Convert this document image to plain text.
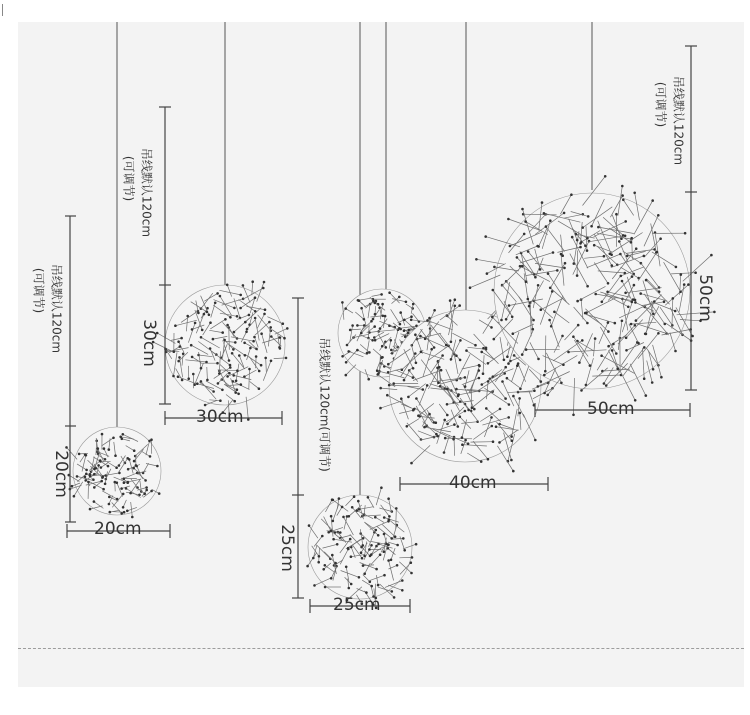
吊线默认120cm
(可调节)
20cm
20cm
吊线默认120cm
(可调节)
30cm
30cm	吊线默认120cm(可调节)
25cm
25cm
40cm
吊线默认120cm
(可调节)
50cm
50cm
